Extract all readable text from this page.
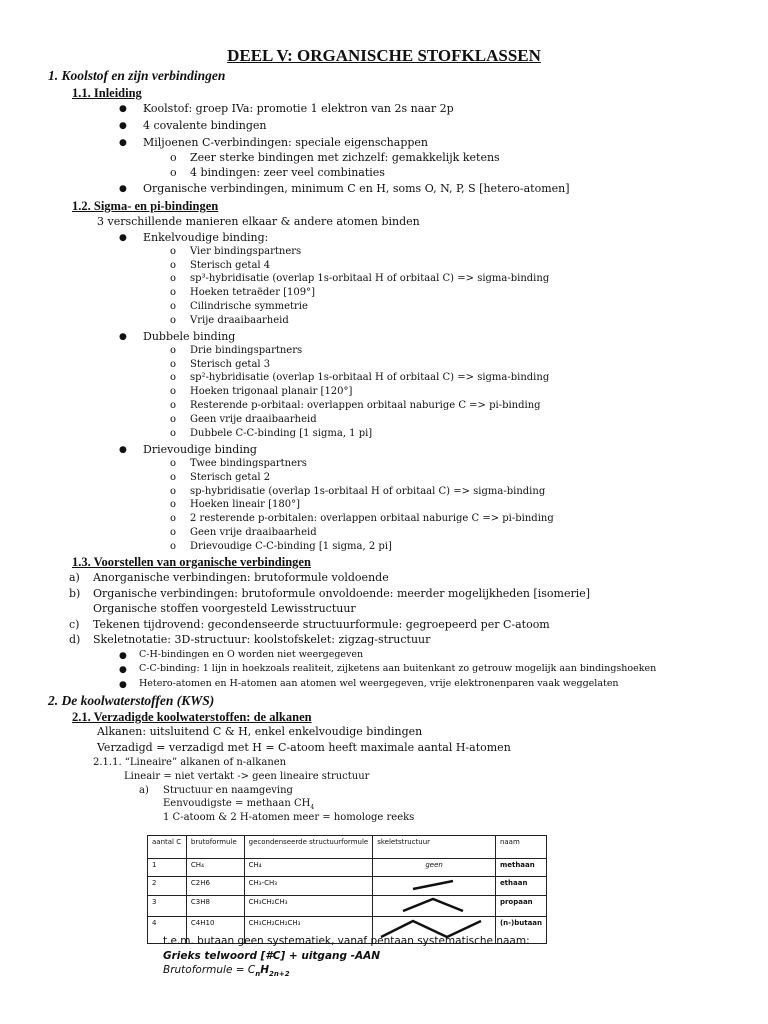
DEEL V: ORGANISCHE STOFKLASSEN
1. Koolstof en zijn verbindingen
1.1. Inleiding
● Koolstof: groep IVa: promotie 1 elektron van 2s naar 2p
● 4 covalente bindingen
● Miljoenen C-verbindingen: speciale eigenschappen
o Zeer sterke bindingen met zichzelf: gemakkelijk ketens
o 4 bindingen: zeer veel combinaties
● Organische verbindingen, minimum C en H, soms O, N, P, S [hetero-atomen]
1.2. Sigma- en pi-bindingen
3 verschillende manieren elkaar & andere atomen binden
● Enkelvoudige binding:
o Vier bindingspartners
o Sterisch getal 4
o sp³-hybridisatie (overlap 1s-orbitaal H of orbitaal C) => sigma-binding
o Hoeken tetraëder [109°]
o Cilindrische symmetrie
o Vrije draaibaarheid
● Dubbele binding
o Drie bindingspartners
o Sterisch getal 3
o sp²-hybridisatie (overlap 1s-orbitaal H of orbitaal C) => sigma-binding
o Hoeken trigonaal planair [120°]
o Resterende p-orbitaal: overlappen orbitaal naburige C => pi-binding
o Geen vrije draaibaarheid
o Dubbele C-C-binding [1 sigma, 1 pi]
● Drievoudige binding
o Twee bindingspartners
o Sterisch getal 2
o sp-hybridisatie (overlap 1s-orbitaal H of orbitaal C) => sigma-binding
o Hoeken lineair [180°]
o 2 resterende p-orbitalen: overlappen orbitaal naburige C => pi-binding
o Geen vrije draaibaarheid
o Drievoudige C-C-binding [1 sigma, 2 pi]
1.3. Voorstellen van organische verbindingen
a) Anorganische verbindingen: brutoformule voldoende
b) Organische verbindingen: brutoformule onvoldoende: meerder mogelijkheden [isomerie]
Organische stoffen voorgesteld Lewisstructuur
c) Tekenen tijdrovend: gecondenseerde structuurformule: gegroepeerd per C-atoom
d) Skeletnotatie: 3D-structuur: koolstofskelet: zigzag-structuur
● C-H-bindingen en O worden niet weergegeven
● C-C-binding: 1 lijn in hoekzoals realiteit, zijketens aan buitenkant zo getrouw mogelijk aan bindingshoeken
● Hetero-atomen en H-atomen aan atomen wel weergegeven, vrije elektronenparen vaak weggelaten
2. De koolwaterstoffen (KWS)
2.1. Verzadigde koolwaterstoffen: de alkanen
Alkanen: uitsluitend C & H, enkel enkelvoudige bindingen
Verzadigd = verzadigd met H = C-atoom heeft maximale aantal H-atomen
2.1.1. “Lineaire” alkanen of n-alkanen
Lineair = niet vertakt -> geen lineaire structuur
a) Structuur en naamgeving
Eenvoudigste = methaan $CH_4$
1 C-atoom & 2 H-atomen meer = homologe reeks
aantal C	brutoformule	gecondenseerde structuurformule	skeletstructuur	naam
1	CH₄	CH₄	geen	methaan
2	C2H6	CH₃-CH₃		ethaan
3	C3H8	CH₃CH₂CH₃		propaan
4	C4H10	CH₃CH₂CH₂CH₃		(n-)butaan
t.e.m. butaan geen systematiek, vanaf pentaan systematische naam:
Grieks telwoord [#C] + uitgang -AAN
Brutoformule = $C_nH_{2n+2}$
